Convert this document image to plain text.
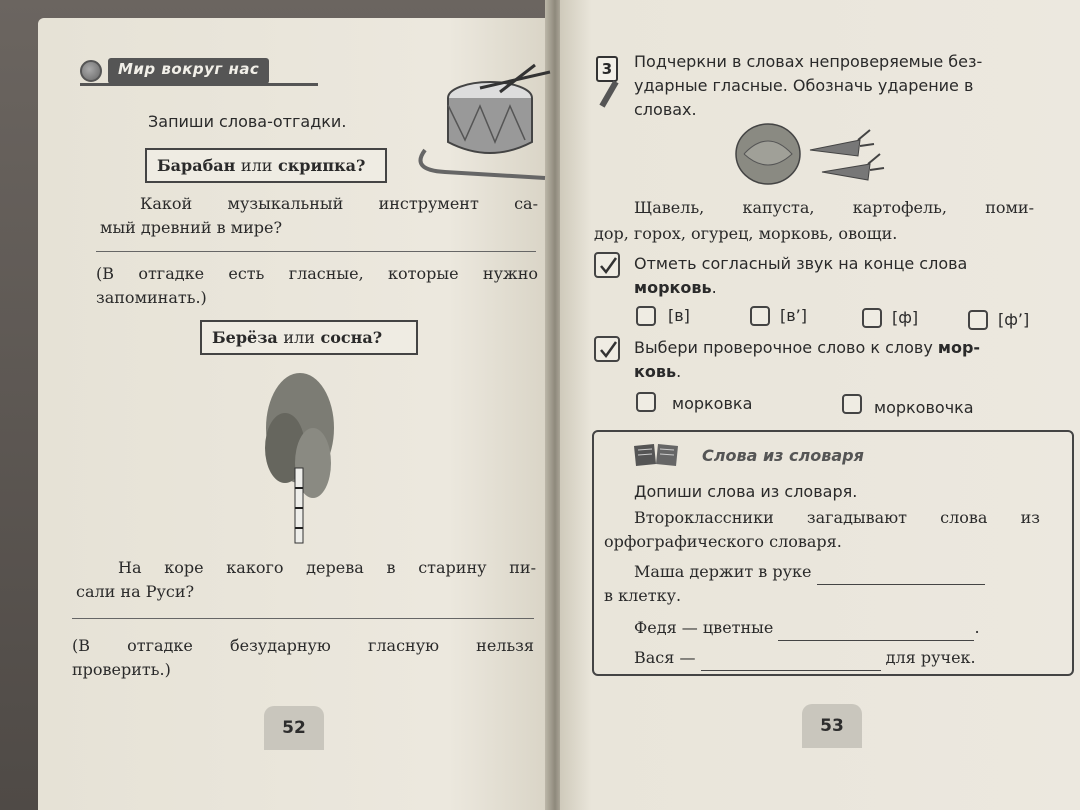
Мир вокруг нас
Запиши слова-отгадки.
Барабан или скрипка?
Какой музыкальный инструмент са-
мый древний в мире?
(В отгадке есть гласные, которые нужно
запоминать.)
Берёза или сосна?
На коре какого дерева в старину пи-
сали на Руси?
(В отгадке безударную гласную нельзя
проверить.)
52
3	Подчеркни в словах непроверяемые без-
ударные гласные. Обозначь ударение в
словах.
Щавель, капуста, картофель, поми-
дор, горох, огурец, морковь, овощи.
Отметь согласный звук на конце слова
морковь.
[в]	[в’]	[ф]	[ф’]
Выбери проверочное слово к слову мор-
ковь.
морковка	морковочка
Слова из словаря
Допиши слова из словаря.
Второклассники загадывают слова из
орфографического словаря.
Маша держит в руке
в клетку.
Федя — цветные	.
Вася —	для ручек.
53
